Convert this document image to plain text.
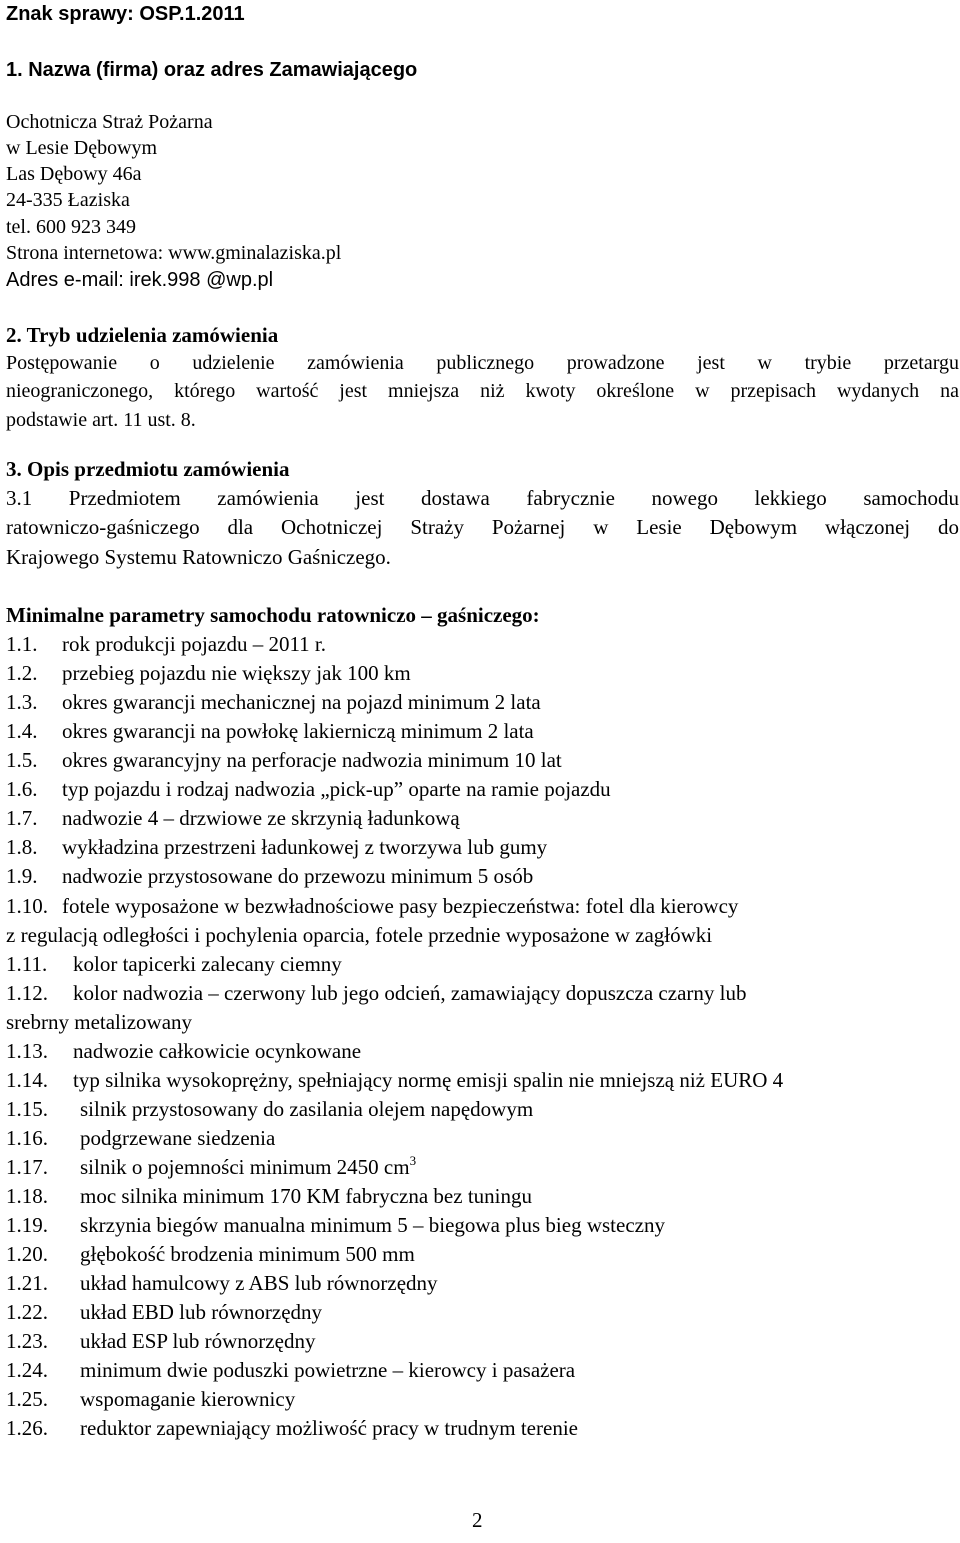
Znak sprawy: OSP.1.2011
1. Nazwa (firma) oraz adres Zamawiającego
Ochotnicza Straż Pożarna
w Lesie Dębowym
Las Dębowy 46a
24-335 Łaziska
tel. 600 923 349
Strona internetowa: www.gminalaziska.pl
Adres e-mail: irek.998 @wp.pl
2. Tryb udzielenia zamówienia
Postępowanie o udzielenie zamówienia publicznego prowadzone jest w trybie przetargu
nieograniczonego, którego wartość jest mniejsza niż kwoty określone w przepisach wydanych na
podstawie art. 11 ust. 8.
3. Opis przedmiotu zamówienia
3.1 Przedmiotem zamówienia jest dostawa fabrycznie nowego lekkiego samochodu
ratowniczo-gaśniczego dla Ochotniczej Straży Pożarnej w Lesie Dębowym włączonej do
Krajowego Systemu Ratowniczo Gaśniczego.
Minimalne parametry samochodu ratowniczo – gaśniczego:
1.1. rok produkcji pojazdu – 2011 r.
1.2. przebieg pojazdu nie większy jak 100 km
1.3. okres gwarancji mechanicznej na pojazd minimum 2 lata
1.4. okres gwarancji na powłokę lakierniczą minimum 2 lata
1.5. okres gwarancyjny na perforacje nadwozia minimum 10 lat
1.6. typ pojazdu i rodzaj nadwozia „pick-up” oparte na ramie pojazdu
1.7. nadwozie 4 – drzwiowe ze skrzynią ładunkową
1.8. wykładzina przestrzeni ładunkowej z tworzywa lub gumy
1.9. nadwozie przystosowane do przewozu minimum 5 osób
1.10. fotele wyposażone w bezwładnościowe pasy bezpieczeństwa: fotel dla kierowcy
z regulacją odległości i pochylenia oparcia, fotele przednie wyposażone w zagłówki
1.11. kolor tapicerki zalecany ciemny
1.12. kolor nadwozia – czerwony lub jego odcień, zamawiający dopuszcza czarny lub
srebrny metalizowany
1.13. nadwozie całkowicie ocynkowane
1.14. typ silnika wysokoprężny, spełniający normę emisji spalin nie mniejszą niż EURO 4
1.15. silnik przystosowany do zasilania olejem napędowym
1.16. podgrzewane siedzenia
1.17. silnik o pojemności minimum 2450 $cm^3$
1.18. moc silnika minimum 170 KM fabryczna bez tuningu
1.19. skrzynia biegów manualna minimum 5 – biegowa plus bieg wsteczny
1.20. głębokość brodzenia minimum 500 mm
1.21. układ hamulcowy z ABS lub równorzędny
1.22. układ EBD lub równorzędny
1.23. układ ESP lub równorzędny
1.24. minimum dwie poduszki powietrzne – kierowcy i pasażera
1.25. wspomaganie kierownicy
1.26. reduktor zapewniający możliwość pracy w trudnym terenie
2
